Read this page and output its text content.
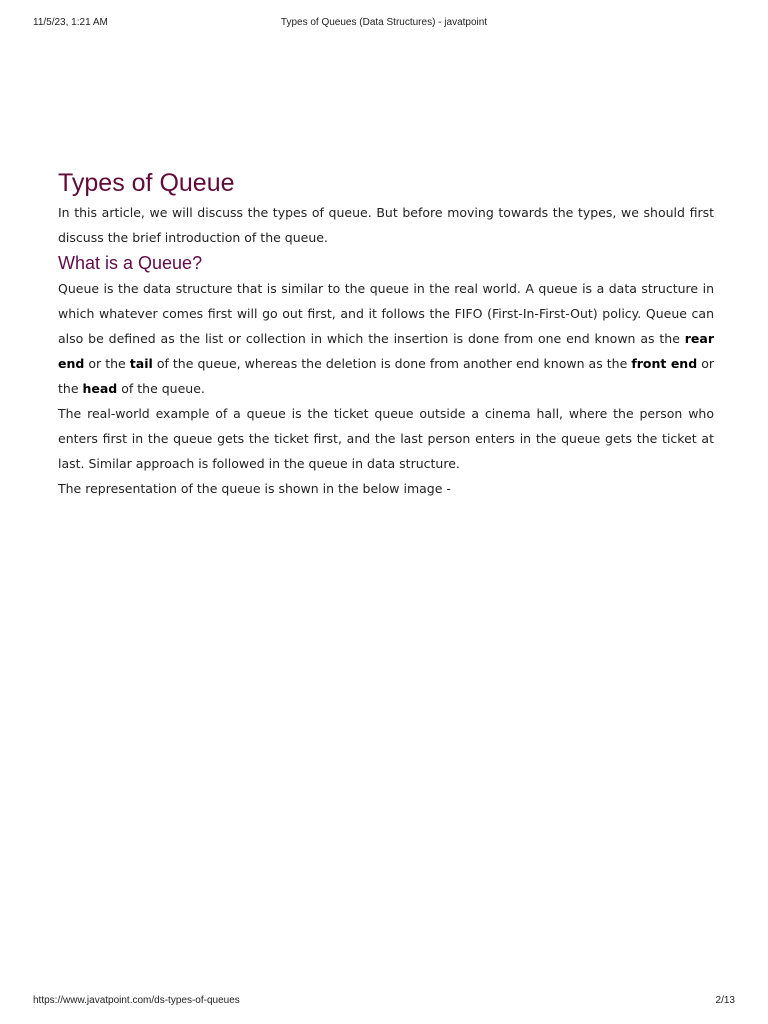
11/5/23, 1:21 AM	Types of Queues (Data Structures) - javatpoint
Types of Queue

In this article, we will discuss the types of queue. But before moving towards the types, we should first discuss the brief introduction of the queue.

What is a Queue?

Queue is the data structure that is similar to the queue in the real world. A queue is a data structure in which whatever comes first will go out first, and it follows the FIFO (First-In-First-Out) policy. Queue can also be defined as the list or collection in which the insertion is done from one end known as the rear end or the tail of the queue, whereas the deletion is done from another end known as the front end or the head of the queue.

The real-world example of a queue is the ticket queue outside a cinema hall, where the person who enters first in the queue gets the ticket first, and the last person enters in the queue gets the ticket at last. Similar approach is followed in the queue in data structure.

The representation of the queue is shown in the below image -

https://www.javatpoint.com/ds-types-of-queues	2/13
